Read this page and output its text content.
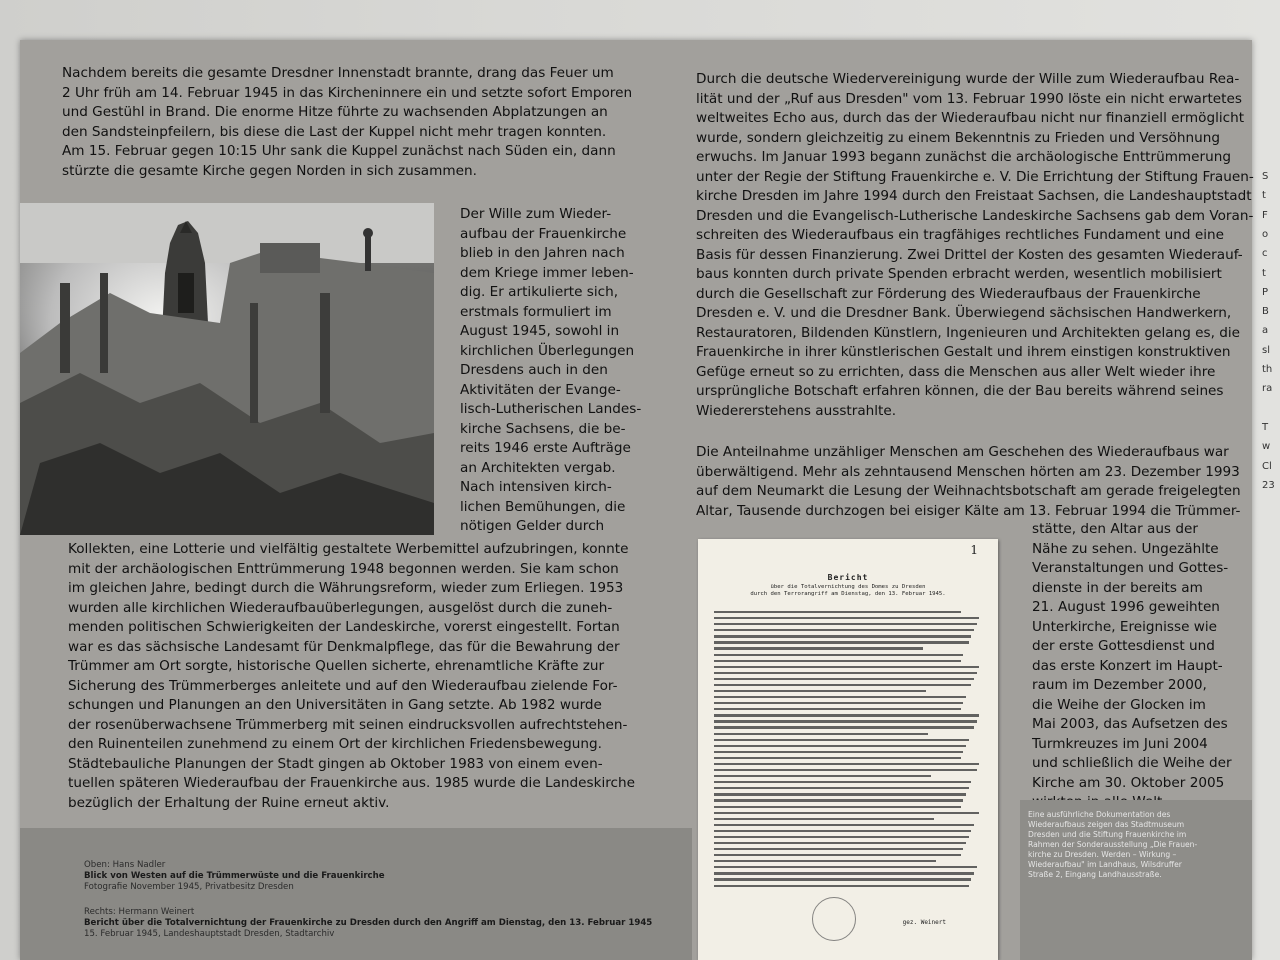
Nachdem bereits die gesamte Dresdner Innenstadt brannte, drang das Feuer um
2 Uhr früh am 14. Februar 1945 in das Kircheninnere ein und setzte sofort Emporen
und Gestühl in Brand. Die enorme Hitze führte zu wachsenden Abplatzungen an
den Sandsteinpfeilern, bis diese die Last der Kuppel nicht mehr tragen konnten.
Am 15. Februar gegen 10:15 Uhr sank die Kuppel zunächst nach Süden ein, dann
stürzte die gesamte Kirche gegen Norden in sich zusammen.
Der Wille zum Wieder-
aufbau der Frauenkirche
blieb in den Jahren nach
dem Kriege immer leben-
dig. Er artikulierte sich,
erstmals formuliert im
August 1945, sowohl in
kirchlichen Überlegungen
Dresdens auch in den
Aktivitäten der Evange-
lisch-Lutherischen Landes-
kirche Sachsens, die be-
reits 1946 erste Aufträge
an Architekten vergab.
Nach intensiven kirch-
lichen Bemühungen, die
nötigen Gelder durch
Kollekten, eine Lotterie und vielfältig gestaltete Werbemittel aufzubringen, konnte
mit der archäologischen Enttrümmerung 1948 begonnen werden. Sie kam schon
im gleichen Jahre, bedingt durch die Währungsreform, wieder zum Erliegen. 1953
wurden alle kirchlichen Wiederaufbauüberlegungen, ausgelöst durch die zuneh-
menden politischen Schwierigkeiten der Landeskirche, vorerst eingestellt. Fortan
war es das sächsische Landesamt für Denkmalpflege, das für die Bewahrung der
Trümmer am Ort sorgte, historische Quellen sicherte, ehrenamtliche Kräfte zur
Sicherung des Trümmerberges anleitete und auf den Wiederaufbau zielende For-
schungen und Planungen an den Universitäten in Gang setzte. Ab 1982 wurde
der rosenüberwachsene Trümmerberg mit seinen eindrucksvollen aufrechtstehen-
den Ruinenteilen zunehmend zu einem Ort der kirchlichen Friedensbewegung.
Städtebauliche Planungen der Stadt gingen ab Oktober 1983 von einem even-
tuellen späteren Wiederaufbau der Frauenkirche aus. 1985 wurde die Landeskirche
bezüglich der Erhaltung der Ruine erneut aktiv.
Durch die deutsche Wiedervereinigung wurde der Wille zum Wiederaufbau Rea-
lität und der „Ruf aus Dresden" vom 13. Februar 1990 löste ein nicht erwartetes
weltweites Echo aus, durch das der Wiederaufbau nicht nur finanziell ermöglicht
wurde, sondern gleichzeitig zu einem Bekenntnis zu Frieden und Versöhnung
erwuchs. Im Januar 1993 begann zunächst die archäologische Enttrümmerung
unter der Regie der Stiftung Frauenkirche e. V. Die Errichtung der Stiftung Frauen-
kirche Dresden im Jahre 1994 durch den Freistaat Sachsen, die Landeshauptstadt
Dresden und die Evangelisch-Lutherische Landeskirche Sachsens gab dem Voran-
schreiten des Wiederaufbaus ein tragfähiges rechtliches Fundament und eine
Basis für dessen Finanzierung. Zwei Drittel der Kosten des gesamten Wiederauf-
baus konnten durch private Spenden erbracht werden, wesentlich mobilisiert
durch die Gesellschaft zur Förderung des Wiederaufbaus der Frauenkirche
Dresden e. V. und die Dresdner Bank. Überwiegend sächsischen Handwerkern,
Restauratoren, Bildenden Künstlern, Ingenieuren und Architekten gelang es, die
Frauenkirche in ihrer künstlerischen Gestalt und ihrem einstigen konstruktiven
Gefüge erneut so zu errichten, dass die Menschen aus aller Welt wieder ihre
ursprüngliche Botschaft erfahren können, die der Bau bereits während seines
Wiedererstehens ausstrahlte.
Die Anteilnahme unzähliger Menschen am Geschehen des Wiederaufbaus war
überwältigend. Mehr als zehntausend Menschen hörten am 23. Dezember 1993
auf dem Neumarkt die Lesung der Weihnachtsbotschaft am gerade freigelegten
Altar, Tausende durchzogen bei eisiger Kälte am 13. Februar 1994 die Trümmer-
stätte, den Altar aus der
Nähe zu sehen. Ungezählte
Veranstaltungen und Gottes-
dienste in der bereits am
21. August 1996 geweihten
Unterkirche, Ereignisse wie
der erste Gottesdienst und
das erste Konzert im Haupt-
raum im Dezember 2000,
die Weihe der Glocken im
Mai 2003, das Aufsetzen des
Turmkreuzes im Juni 2004
und schließlich die Weihe der
Kirche am 30. Oktober 2005
Oben: Hans Nadler
Blick von Westen auf die Trümmerwüste und die Frauenkirche
Fotografie November 1945, Privatbesitz Dresden
Rechts: Hermann Weinert
Bericht über die Totalvernichtung der Frauenkirche zu Dresden durch den Angriff am Dienstag, den 13. Februar 1945
15. Februar 1945, Landeshauptstadt Dresden, Stadtarchiv
Eine ausführliche Dokumentation des
Wiederaufbaus zeigen das Stadtmuseum
Dresden und die Stiftung Frauenkirche im
Rahmen der Sonderausstellung „Die Frauen-
kirche zu Dresden. Werden – Wirkung –
Wiederaufbau" im Landhaus, Wilsdruffer
Straße 2, Eingang Landhausstraße.
1
Bericht
über die Totalvernichtung des Domes zu Dresden
durch den Terrorangriff am Dienstag, den 13. Februar 1945.
gez. Weinert
S
t
F
o
c
t
P
B
a
sl
th
ra
T
w
Cl
23
